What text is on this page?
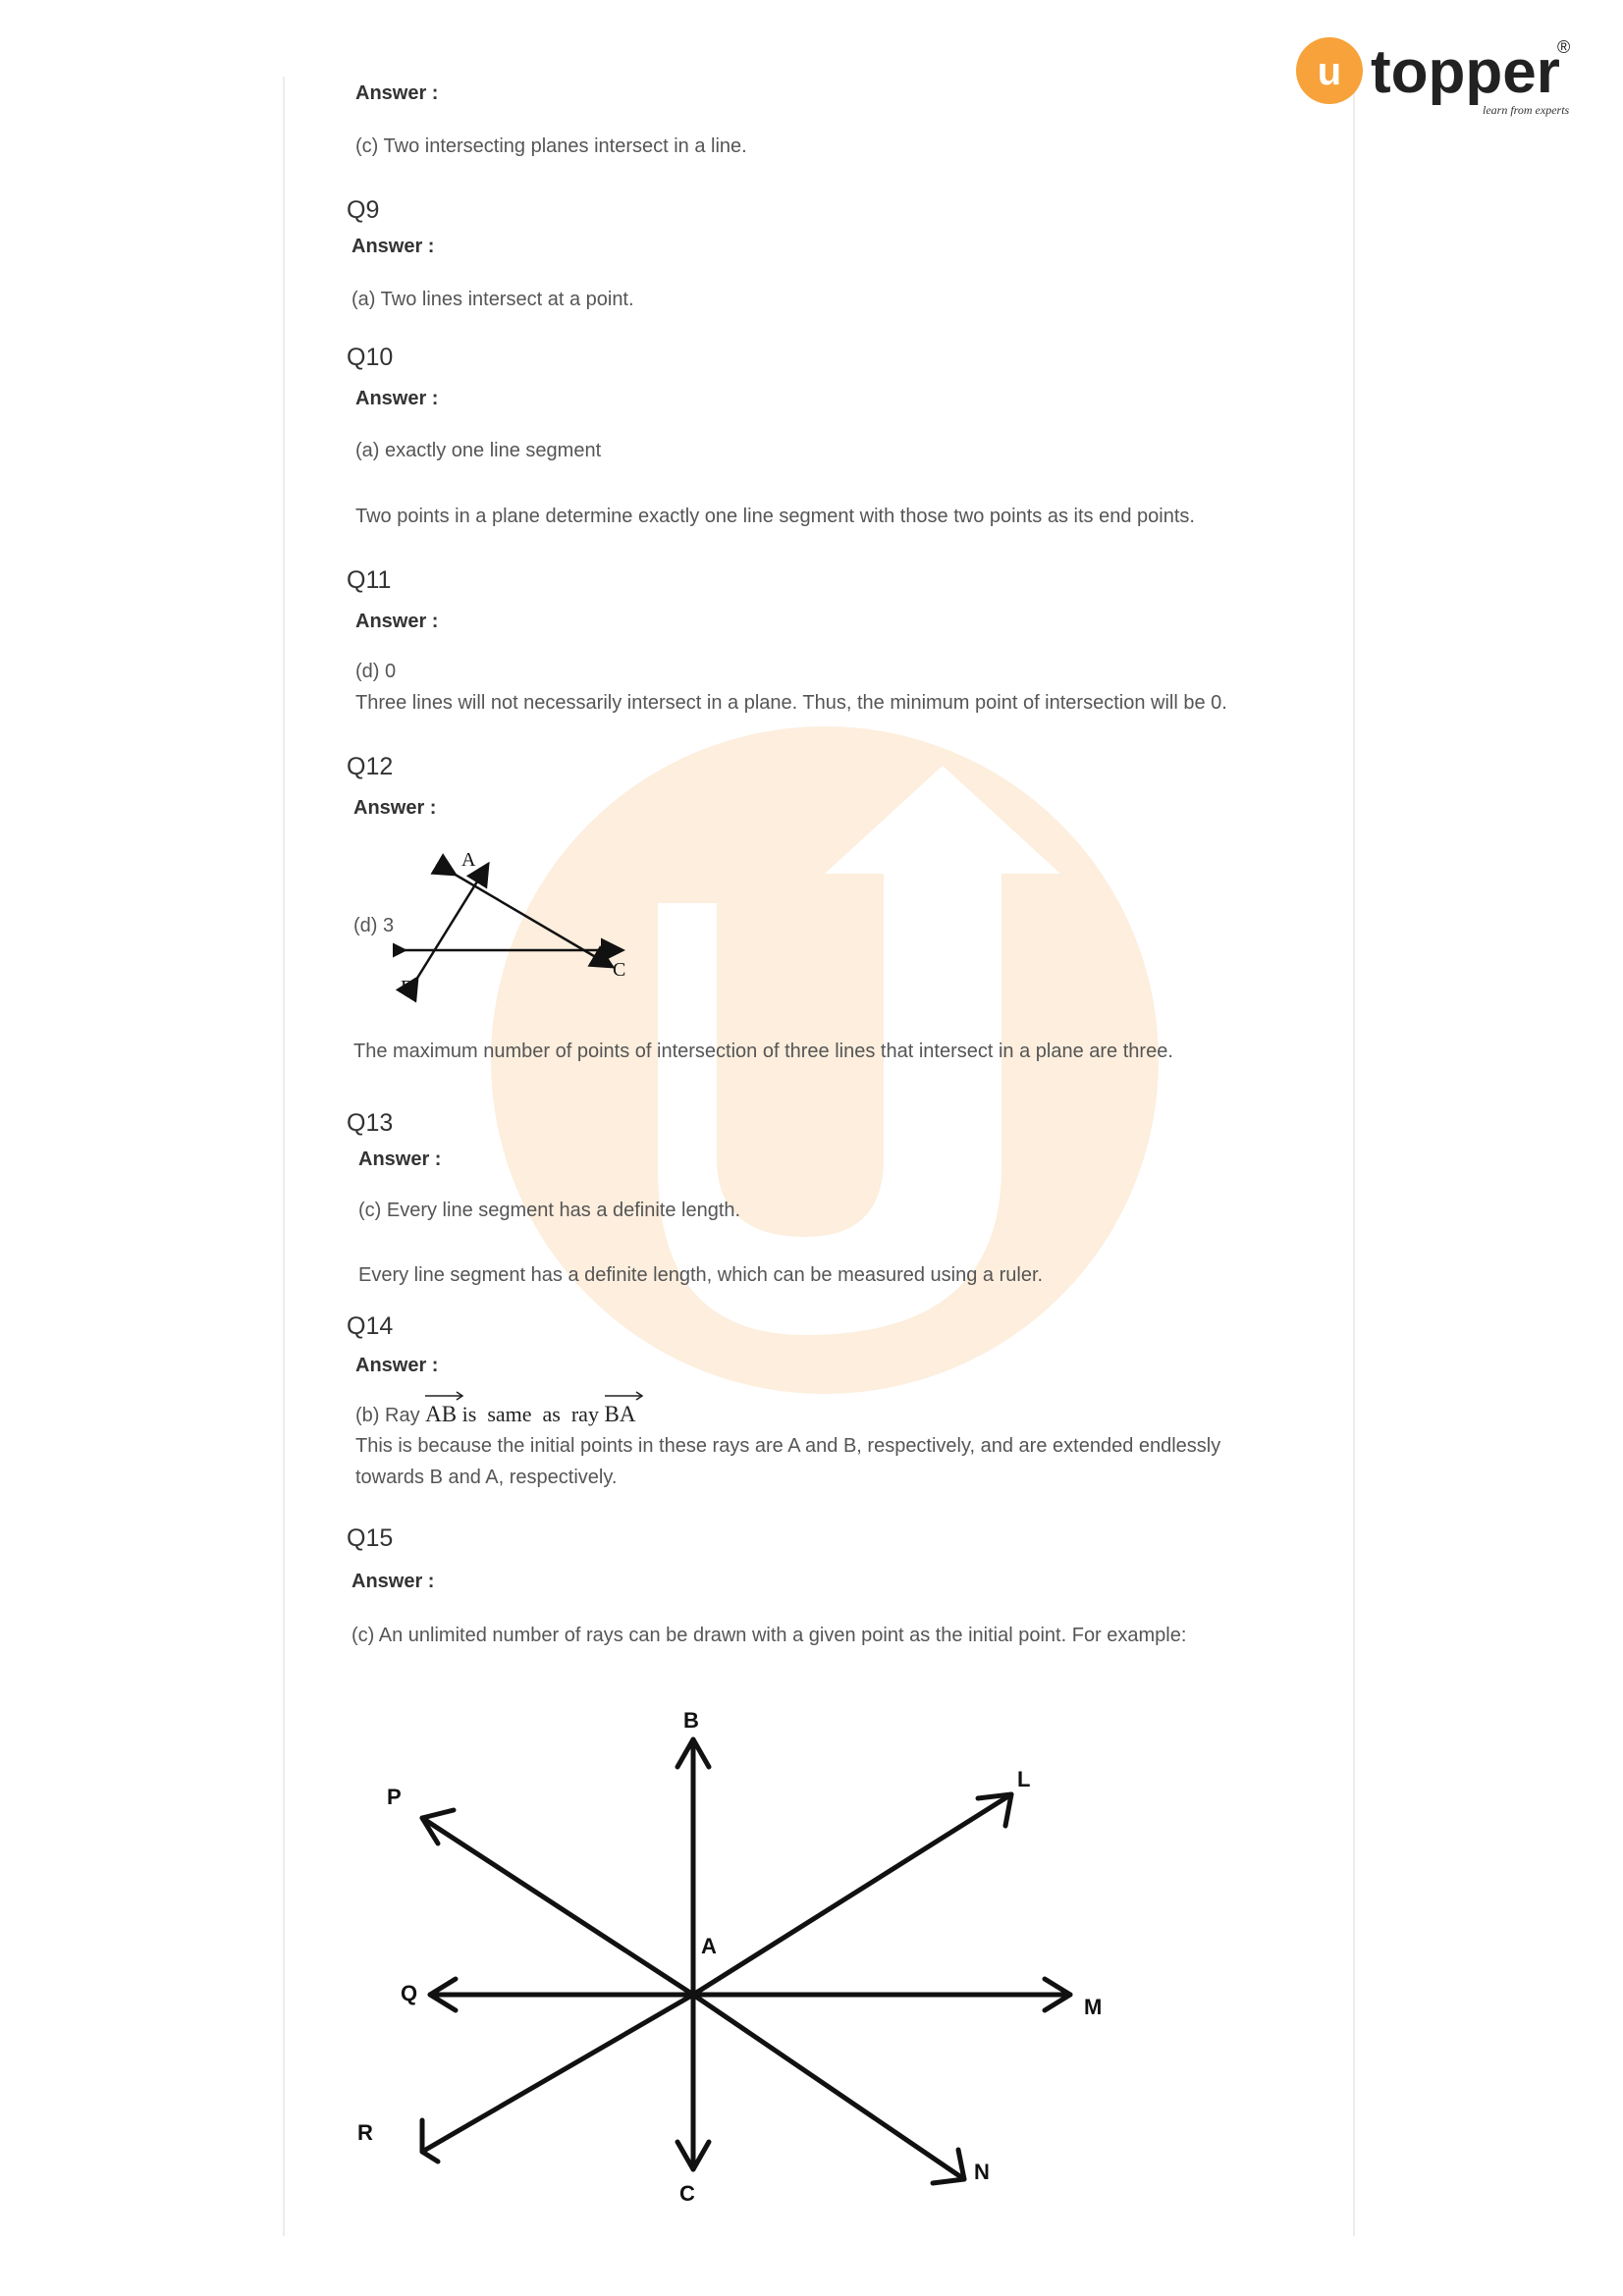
u topper
®
learn from experts
Answer :
(c) Two intersecting planes intersect in a line.
Q9
Answer :
(a) Two lines intersect at a point.
Q10
Answer :
(a) exactly one line segment
Two points in a plane determine exactly one line segment with those two points as its end points.
Q11
Answer :
(d) 0
Three lines will not necessarily intersect in a plane. Thus, the minimum point of intersection will be 0.
Q12
Answer :
(d) 3
A
B
C
The maximum number of points of intersection of three lines that intersect in a plane are three.
Q13
Answer :
(c) Every line segment has a definite length.
Every line segment has a definite length, which can be measured using a ruler.
Q14
Answer :
(b) Ray AB is  same  as  ray BA
This is because the initial points in these rays are A and B, respectively, and are extended endlessly
towards B and A, respectively.
Q15
Answer :
(c) An unlimited number of rays can be drawn with a given point as the initial point. For example:
B
L
P
A
Q
M
R
N
C
